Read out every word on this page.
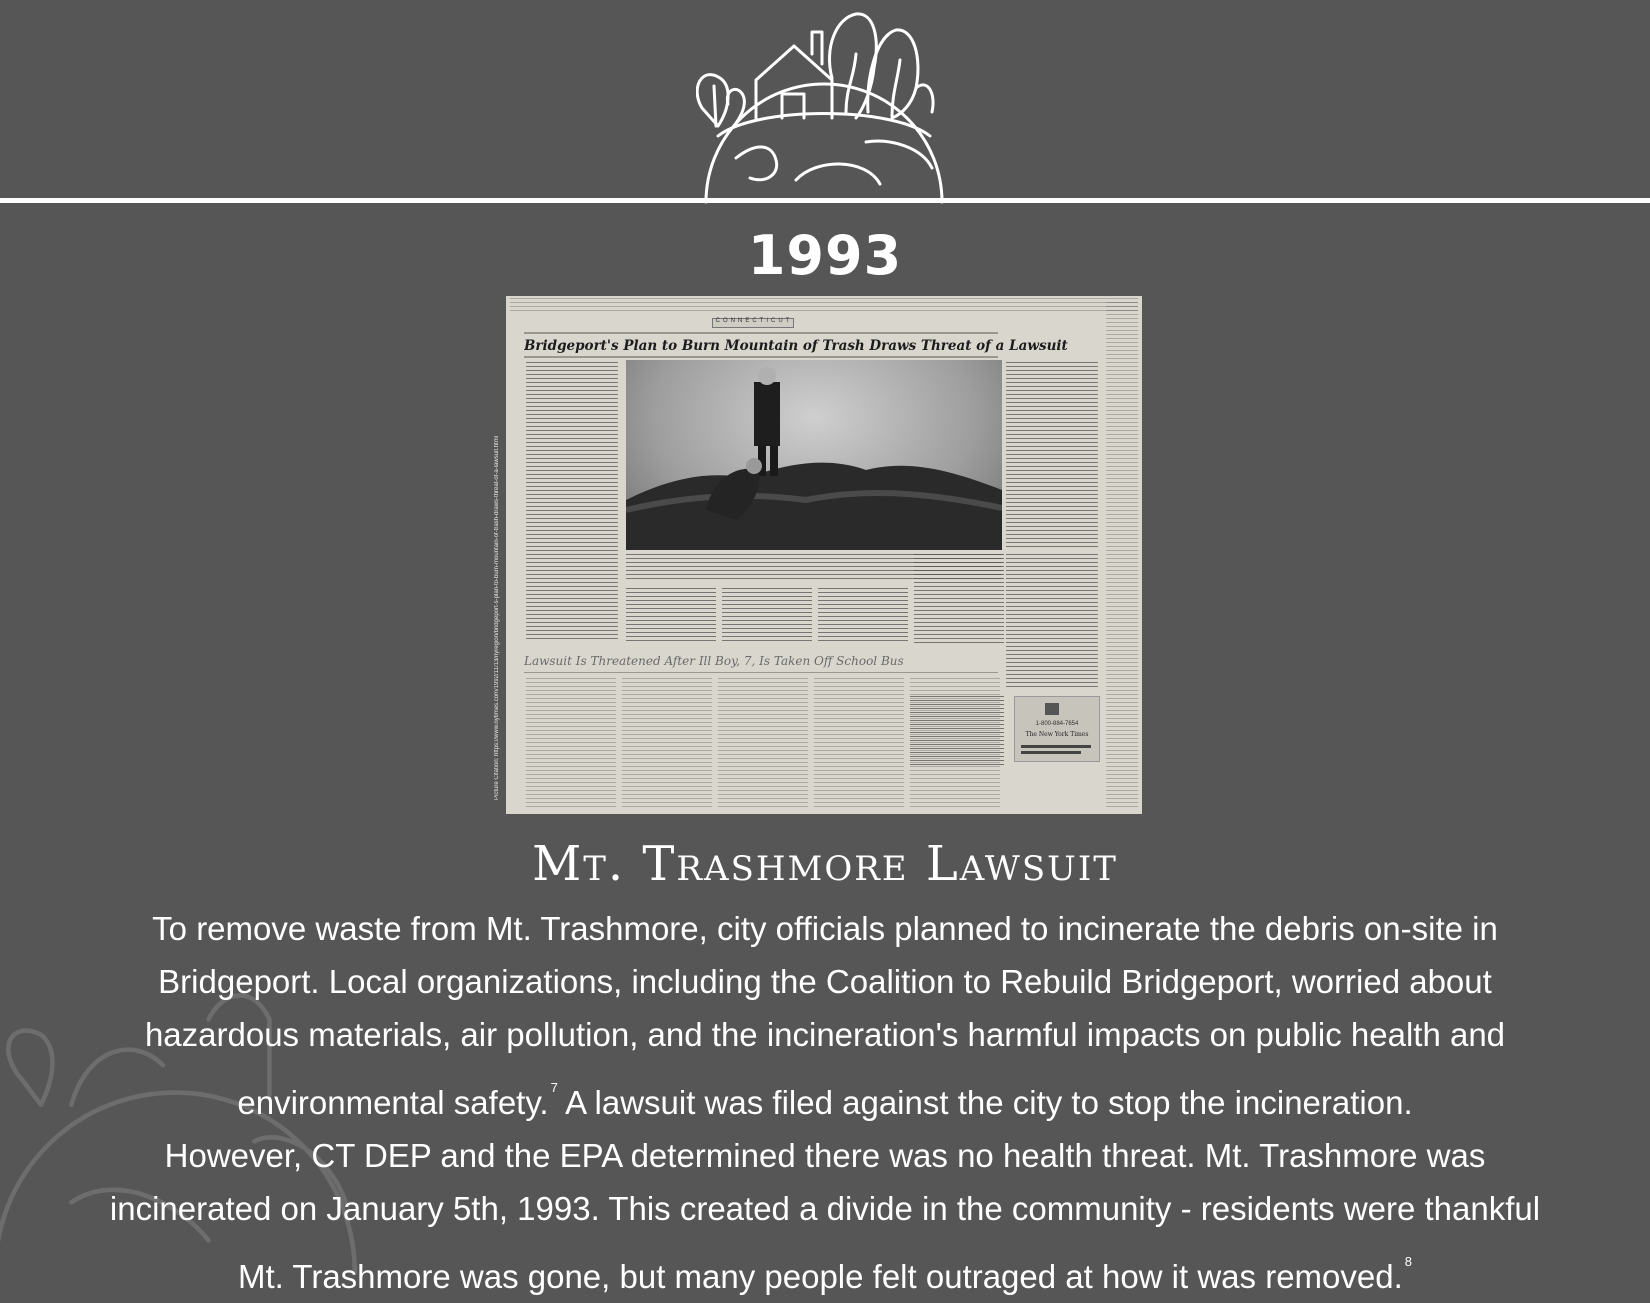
1993
Picture Citation: https://www.nytimes.com/1992/11/13/nyregion/bridgeport-s-plan-to-burn-mountain-of-trash-draws-threat-of-a-lawsuit.html
CONNECTICUT
Bridgeport's Plan to Burn Mountain of Trash Draws Threat of a Lawsuit
Lawsuit Is Threatened After Ill Boy, 7, Is Taken Off School Bus
1-800-884-7654
The New York Times
Mt. Trashmore Lawsuit
To remove waste from Mt. Trashmore, city officials planned to incinerate the debris on-site in
Bridgeport. Local organizations, including the Coalition to Rebuild Bridgeport, worried about
hazardous materials, air pollution, and the incineration's harmful impacts on public health and
environmental safety. $^7$ A lawsuit was filed against the city to stop the incineration.
However, CT DEP and the EPA determined there was no health threat. Mt. Trashmore was
incinerated on January 5th, 1993. This created a divide in the community - residents were thankful
Mt. Trashmore was gone, but many people felt outraged at how it was removed. $^8$
